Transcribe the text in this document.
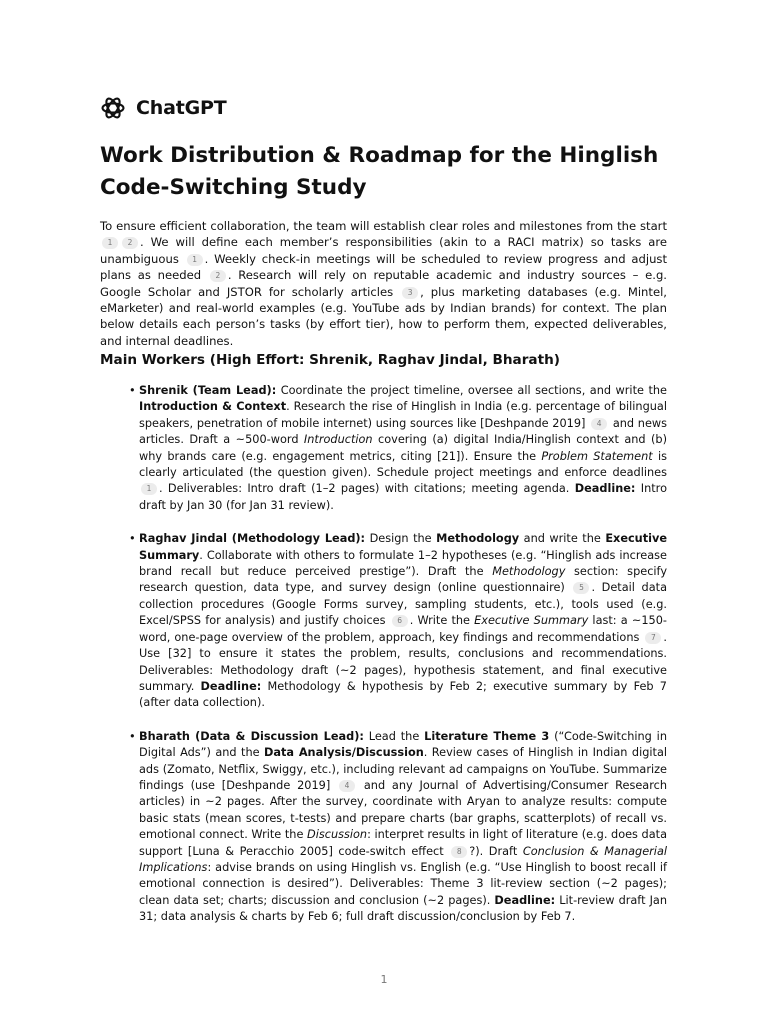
ChatGPT
Work Distribution & Roadmap for the Hinglish Code-Switching Study

To ensure efficient collaboration, the team will establish clear roles and milestones from the start 1 2 . We will define each member’s responsibilities (akin to a RACI matrix) so tasks are unambiguous 1 . Weekly check-in meetings will be scheduled to review progress and adjust plans as needed 2 . Research will rely on reputable academic and industry sources – e.g. Google Scholar and JSTOR for scholarly articles 3 , plus marketing databases (e.g. Mintel, eMarketer) and real-world examples (e.g. YouTube ads by Indian brands) for context. The plan below details each person’s tasks (by effort tier), how to perform them, expected deliverables, and internal deadlines.

Main Workers (High Effort: Shrenik, Raghav Jindal, Bharath)
• Shrenik (Team Lead): Coordinate the project timeline, oversee all sections, and write the Introduction & Context. Research the rise of Hinglish in India (e.g. percentage of bilingual speakers, penetration of mobile internet) using sources like [Deshpande 2019] 4 and news articles. Draft a ~500-word Introduction covering (a) digital India/Hinglish context and (b) why brands care (e.g. engagement metrics, citing [21]). Ensure the Problem Statement is clearly articulated (the question given). Schedule project meetings and enforce deadlines 1 . Deliverables: Intro draft (1–2 pages) with citations; meeting agenda. Deadline: Intro draft by Jan 30 (for Jan 31 review).
• Raghav Jindal (Methodology Lead): Design the Methodology and write the Executive Summary. Collaborate with others to formulate 1–2 hypotheses (e.g. “Hinglish ads increase brand recall but reduce perceived prestige”). Draft the Methodology section: specify research question, data type, and survey design (online questionnaire) 5 . Detail data collection procedures (Google Forms survey, sampling students, etc.), tools used (e.g. Excel/SPSS for analysis) and justify choices 6 . Write the Executive Summary last: a ~150-word, one-page overview of the problem, approach, key findings and recommendations 7 . Use [32] to ensure it states the problem, results, conclusions and recommendations. Deliverables: Methodology draft (~2 pages), hypothesis statement, and final executive summary. Deadline: Methodology & hypothesis by Feb 2; executive summary by Feb 7 (after data collection).
• Bharath (Data & Discussion Lead): Lead the Literature Theme 3 (“Code-Switching in Digital Ads”) and the Data Analysis/Discussion. Review cases of Hinglish in Indian digital ads (Zomato, Netflix, Swiggy, etc.), including relevant ad campaigns on YouTube. Summarize findings (use [Deshpande 2019] 4 and any Journal of Advertising/Consumer Research articles) in ~2 pages. After the survey, coordinate with Aryan to analyze results: compute basic stats (mean scores, t-tests) and prepare charts (bar graphs, scatterplots) of recall vs. emotional connect. Write the Discussion: interpret results in light of literature (e.g. does data support [Luna & Peracchio 2005] code-switch effect 8 ?). Draft Conclusion & Managerial Implications: advise brands on using Hinglish vs. English (e.g. “Use Hinglish to boost recall if emotional connection is desired”). Deliverables: Theme 3 lit-review section (~2 pages); clean data set; charts; discussion and conclusion (~2 pages). Deadline: Lit-review draft Jan 31; data analysis & charts by Feb 6; full draft discussion/conclusion by Feb 7.
1
